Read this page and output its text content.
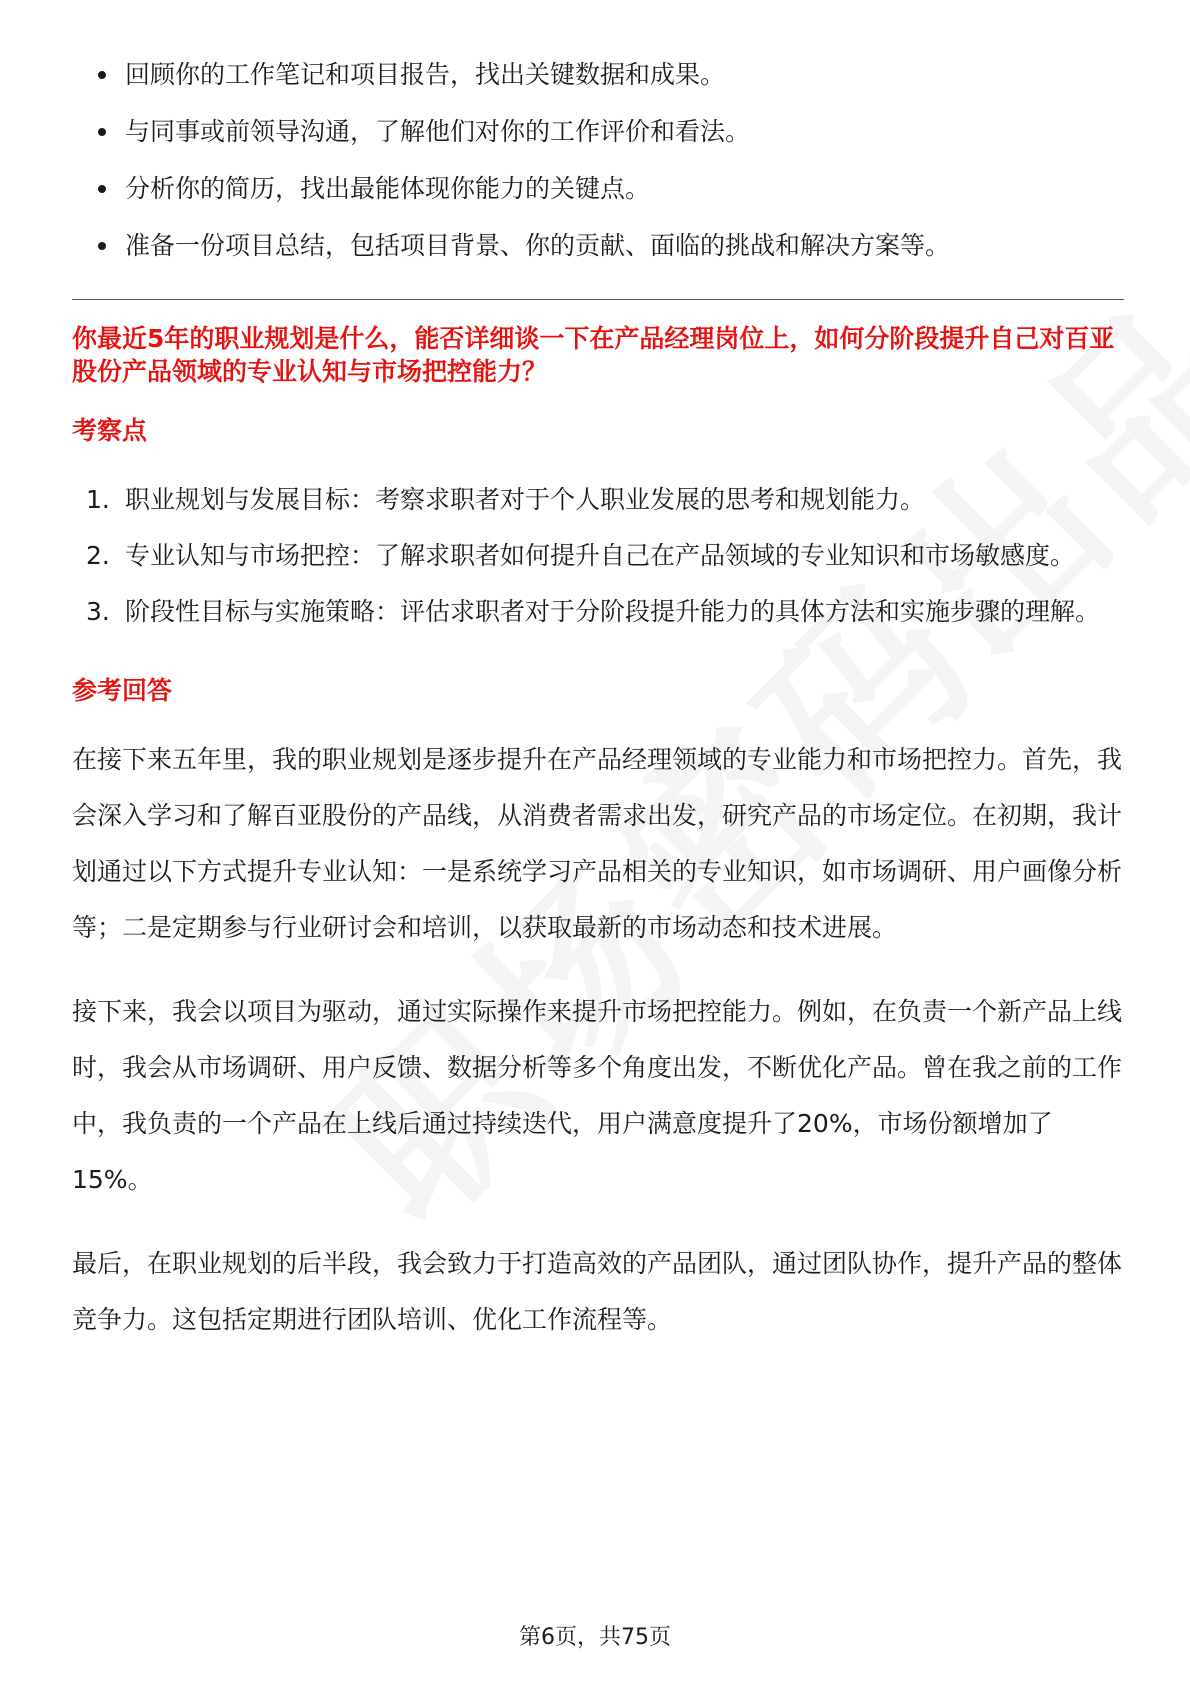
回顾你的工作笔记和项目报告，找出关键数据和成果。
与同事或前领导沟通，了解他们对你的工作评价和看法。
分析你的简历，找出最能体现你能力的关键点。
准备一份项目总结，包括项目背景、你的贡献、面临的挑战和解决方案等。

你最近5年的职业规划是什么，能否详细谈一下在产品经理岗位上，如何分阶段提升自己对百亚股份产品领域的专业认知与市场把控能力？

考察点
1. 职业规划与发展目标：考察求职者对于个人职业发展的思考和规划能力。
2. 专业认知与市场把控：了解求职者如何提升自己在产品领域的专业知识和市场敏感度。
3. 阶段性目标与实施策略：评估求职者对于分阶段提升能力的具体方法和实施步骤的理解。
参考回答

在接下来五年里，我的职业规划是逐步提升在产品经理领域的专业能力和市场把控力。首先，我会深入学习和了解百亚股份的产品线，从消费者需求出发，研究产品的市场定位。在初期，我计划通过以下方式提升专业认知：一是系统学习产品相关的专业知识，如市场调研、用户画像分析等；二是定期参与行业研讨会和培训，以获取最新的市场动态和技术进展。

接下来，我会以项目为驱动，通过实际操作来提升市场把控能力。例如，在负责一个新产品上线时，我会从市场调研、用户反馈、数据分析等多个角度出发，不断优化产品。曾在我之前的工作中，我负责的一个产品在上线后通过持续迭代，用户满意度提升了20%，市场份额增加了15%。

最后，在职业规划的后半段，我会致力于打造高效的产品团队，通过团队协作，提升产品的整体竞争力。这包括定期进行团队培训、优化工作流程等。

第6页，共75页
